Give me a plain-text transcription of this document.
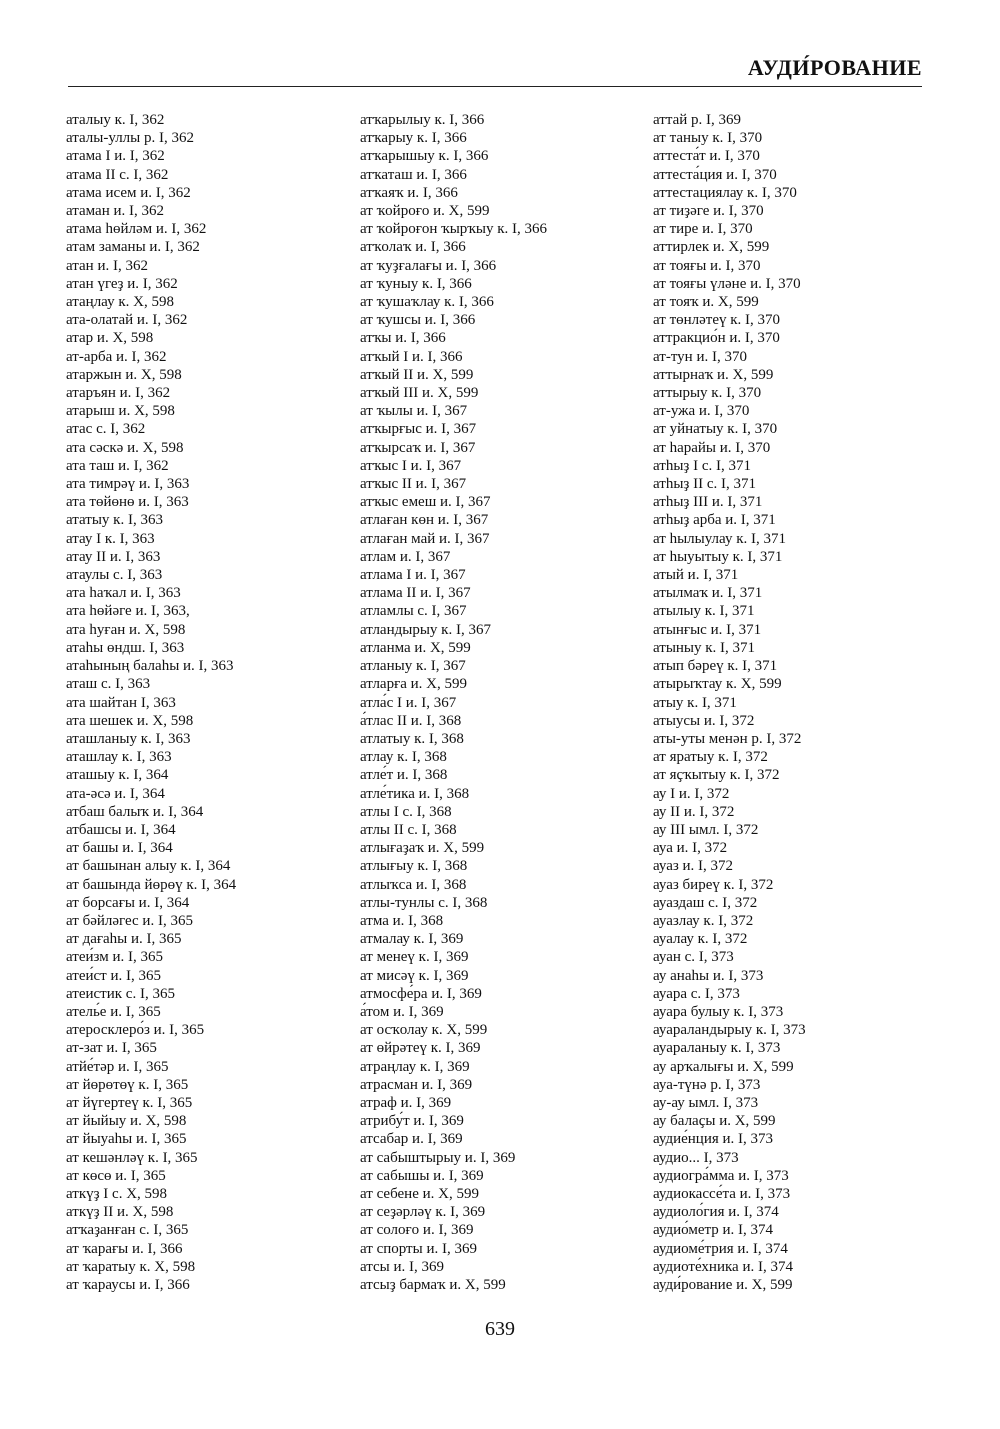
АУДИ́РОВАНИЕ
аталыу к. I, 362
аталы-уллы р. I, 362
атама I и. I, 362
атама II с. I, 362
атама исем и. I, 362
атаман и. I, 362
атама һөйләм и. I, 362
атам заманы и. I, 362
атан и. I, 362
атан үгеҙ и. I, 362
атаңлау к. X, 598
ата-олатай и. I, 362
атар и. X, 598
ат-арба и. I, 362
атаржын и. X, 598
атаръян и. I, 362
атарыш и. X, 598
атас с. I, 362
ата сәскә и. X, 598
ата таш и. I, 362
ата тимрәү и. I, 363
ата төйөнө и. I, 363
ататыу к. I, 363
атау I к. I, 363
атау II и. I, 363
атаулы с. I, 363
ата һаҡал и. I, 363
ата һөйәге и. I, 363,
ата һуған и. X, 598
атаһы өндш. I, 363
атаһының балаһы и. I, 363
аташ с. I, 363
ата шайтан I, 363
ата шешек и. X, 598
аташланыу к. I, 363
аташлау к. I, 363
аташыу к. I, 364
ата-әсә и. I, 364
атбаш балыҡ и. I, 364
атбашсы и. I, 364
ат башы и. I, 364
ат башынан алыу к. I, 364
ат башында йөрөү к. I, 364
ат борсағы и. I, 364
ат бәйләгес и. I, 365
ат дағаһы и. I, 365
атеи́зм и. I, 365
атеи́ст и. I, 365
атеистик с. I, 365
атель́е и. I, 365
атеросклеро́з и. I, 365
ат-зат и. I, 365
атйе́тәр и. I, 365
ат йөрөтөү к. I, 365
ат йүгертеү к. I, 365
ат йыйыу и. X, 598
ат йыуаһы и. I, 365
ат кешәнләү к. I, 365
ат көсө и. I, 365
аткүҙ I с. X, 598
аткүҙ II и. X, 598
атҡаҙанған с. I, 365
ат ҡарағы и. I, 366
ат ҡаратыу к. X, 598
ат ҡараусы и. I, 366
атҡарылыу к. I, 366
атҡарыу к. I, 366
атҡарышыу к. I, 366
атҡаташ и. I, 366
атҡаяҡ и. I, 366
ат ҡойроғо и. X, 599
ат ҡойроғон ҡырҡыу к. I, 366
атҡолаҡ и. I, 366
ат ҡуҙғалағы и. I, 366
ат ҡуныу к. I, 366
ат ҡушаҡлау к. I, 366
ат ҡушсы и. I, 366
атҡы и. I, 366
атҡый I и. I, 366
атҡый II и. X, 599
атҡый III и. X, 599
ат ҡылы и. I, 367
атҡырғыс и. I, 367
атҡырсаҡ и. I, 367
атҡыс I и. I, 367
атҡыс II и. I, 367
атҡыс емеш и. I, 367
атлаған көн и. I, 367
атлаған май и. I, 367
атлам и. I, 367
атлама I и. I, 367
атлама II и. I, 367
атламлы с. I, 367
атландырыу к. I, 367
атланма и. X, 599
атланыу к. I, 367
атларға и. X, 599
атла́с I и. I, 367
а́тлас II и. I, 368
атлатыу к. I, 368
атлау к. I, 368
атле́т и. I, 368
атле́тика и. I, 368
атлы I с. I, 368
атлы II с. I, 368
атлығаҙаҡ и. X, 599
атлығыу к. I, 368
атлыҡса и. I, 368
атлы-тунлы с. I, 368
атма и. I, 368
атмалау к. I, 369
ат менеү к. I, 369
ат мисәү к. I, 369
атмосфе́ра и. I, 369
а́том и. I, 369
ат осҡолау к. X, 599
ат өйрәтеү к. I, 369
атраңлау к. I, 369
атрасман и. I, 369
атраф и. I, 369
атрибу́т и. I, 369
атсабар и. I, 369
ат сабыштырыу и. I, 369
ат сабышы и. I, 369
ат себене и. X, 599
ат сеҙәрләү к. I, 369
ат солоғо и. I, 369
ат спорты и. I, 369
атсы и. I, 369
атсыҙ бармаҡ и. X, 599
аттай р. I, 369
ат таныу к. I, 370
аттеста́т и. I, 370
аттеста́ция и. I, 370
аттестациялау к. I, 370
ат тиҙәге и. I, 370
ат тире и. I, 370
аттирлек и. X, 599
ат тояғы и. I, 370
ат тояғы үләне и. I, 370
ат тояҡ и. X, 599
ат төнләтеү к. I, 370
аттракцио́н и. I, 370
ат-тун и. I, 370
аттырнаҡ и. X, 599
аттырыу к. I, 370
ат-ужа и. I, 370
ат уйнатыу к. I, 370
ат һарайы и. I, 370
атһыҙ I с. I, 371
атһыҙ II с. I, 371
атһыҙ III и. I, 371
атһыҙ арба и. I, 371
ат һылыулау к. I, 371
ат һыуытыу к. I, 371
атый и. I, 371
атылмаҡ и. I, 371
атылыу к. I, 371
атынғыс и. I, 371
атыныу к. I, 371
атып бәреү к. I, 371
атырыҡтау к. X, 599
атыу к. I, 371
атыусы и. I, 372
аты-уты менән р. I, 372
ат яратыу к. I, 372
ат яҫҡытыу к. I, 372
ау I и. I, 372
ау II и. I, 372
ау III ымл. I, 372
ауа и. I, 372
ауаз и. I, 372
ауаз биреү к. I, 372
ауаздаш с. I, 372
ауазлау к. I, 372
ауалау к. I, 372
ауан с. I, 373
ау анаһы и. I, 373
ауара с. I, 373
ауара булыу к. I, 373
ауараландырыу к. I, 373
ауараланыу к. I, 373
ау арҡалығы и. X, 599
ауа-түнә р. I, 373
ау-ау ымл. I, 373
ау балаҫы и. X, 599
аудие́нция и. I, 373
аудио... I, 373
аудиогра́мма и. I, 373
аудиокассе́та и. I, 373
аудиоло́гия и. I, 374
аудио́метр и. I, 374
аудиоме́трия и. I, 374
аудиоте́хника и. I, 374
ауди́рование и. X, 599
639
